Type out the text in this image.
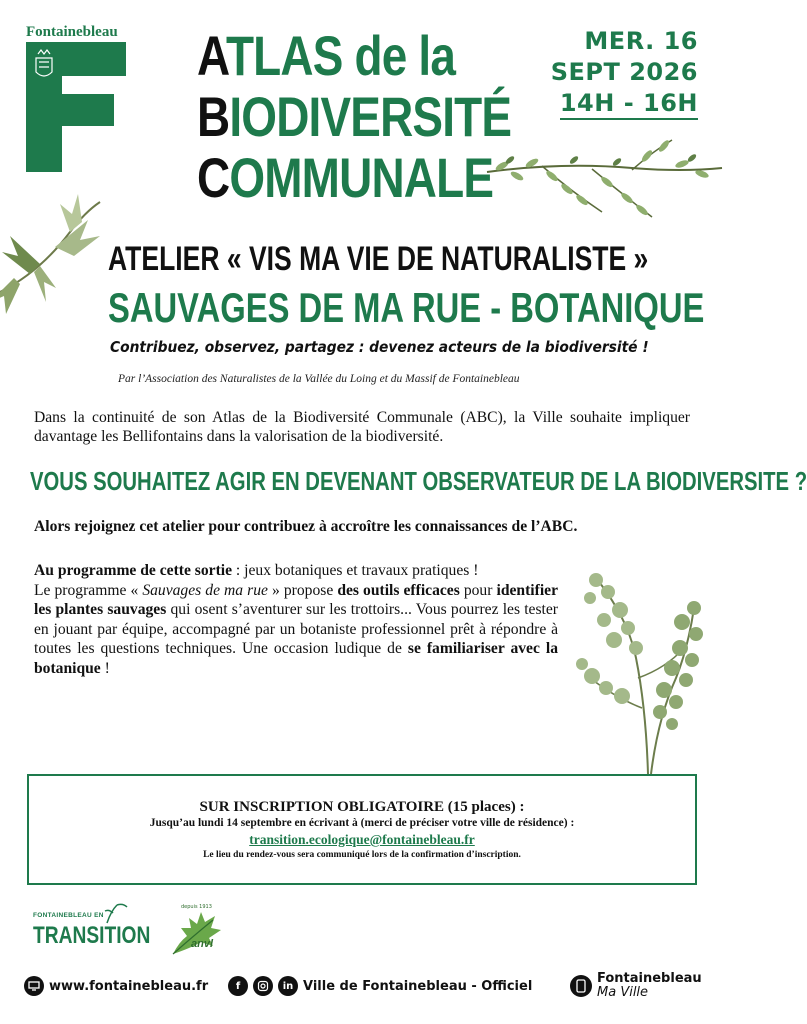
Fontainebleau ATLAS de la
BIODIVERSITÉ
COMMUNALE
MER. 16
SEPT 2026
14H - 16H
ATELIER « VIS MA VIE DE NATURALISTE »
SAUVAGES DE MA RUE - BOTANIQUE
Contribuez, observez, partagez : devenez acteurs de la biodiversité !
Par l’Association des Naturalistes de la Vallée du Loing et du Massif de Fontainebleau
Dans la continuité de son Atlas de la Biodiversité Communale (ABC), la Ville souhaite impliquer davantage les Bellifontains dans la valorisation de la biodiversité.
VOUS SOUHAITEZ AGIR EN DEVENANT OBSERVATEUR DE LA BIODIVERSITE ?
Alors rejoignez cet atelier pour contribuez à accroître les connaissances de l’ABC.
Au programme de cette sortie : jeux botaniques et travaux pratiques !
Le programme « Sauvages de ma rue » propose des outils efficaces pour identifier les plantes sauvages qui osent s’aventurer sur les trottoirs... Vous pourrez les tester en jouant par équipe, accompagné par un botaniste professionnel prêt à répondre à toutes les questions techniques. Une occasion ludique de se familiariser avec la botanique !
SUR INSCRIPTION OBLIGATOIRE (15 places) :
Jusqu’au lundi 14 septembre en écrivant à (merci de préciser votre ville de résidence) :
transition.ecologique@fontainebleau.fr
Le lieu du rendez-vous sera communiqué lors de la confirmation d’inscription.
FONTAINEBLEAU EN
TRANSITION
depuis 1913
anvl
www.fontainebleau.fr	f	in Ville de Fontainebleau - Officiel	Fontainebleau
Ma Ville
